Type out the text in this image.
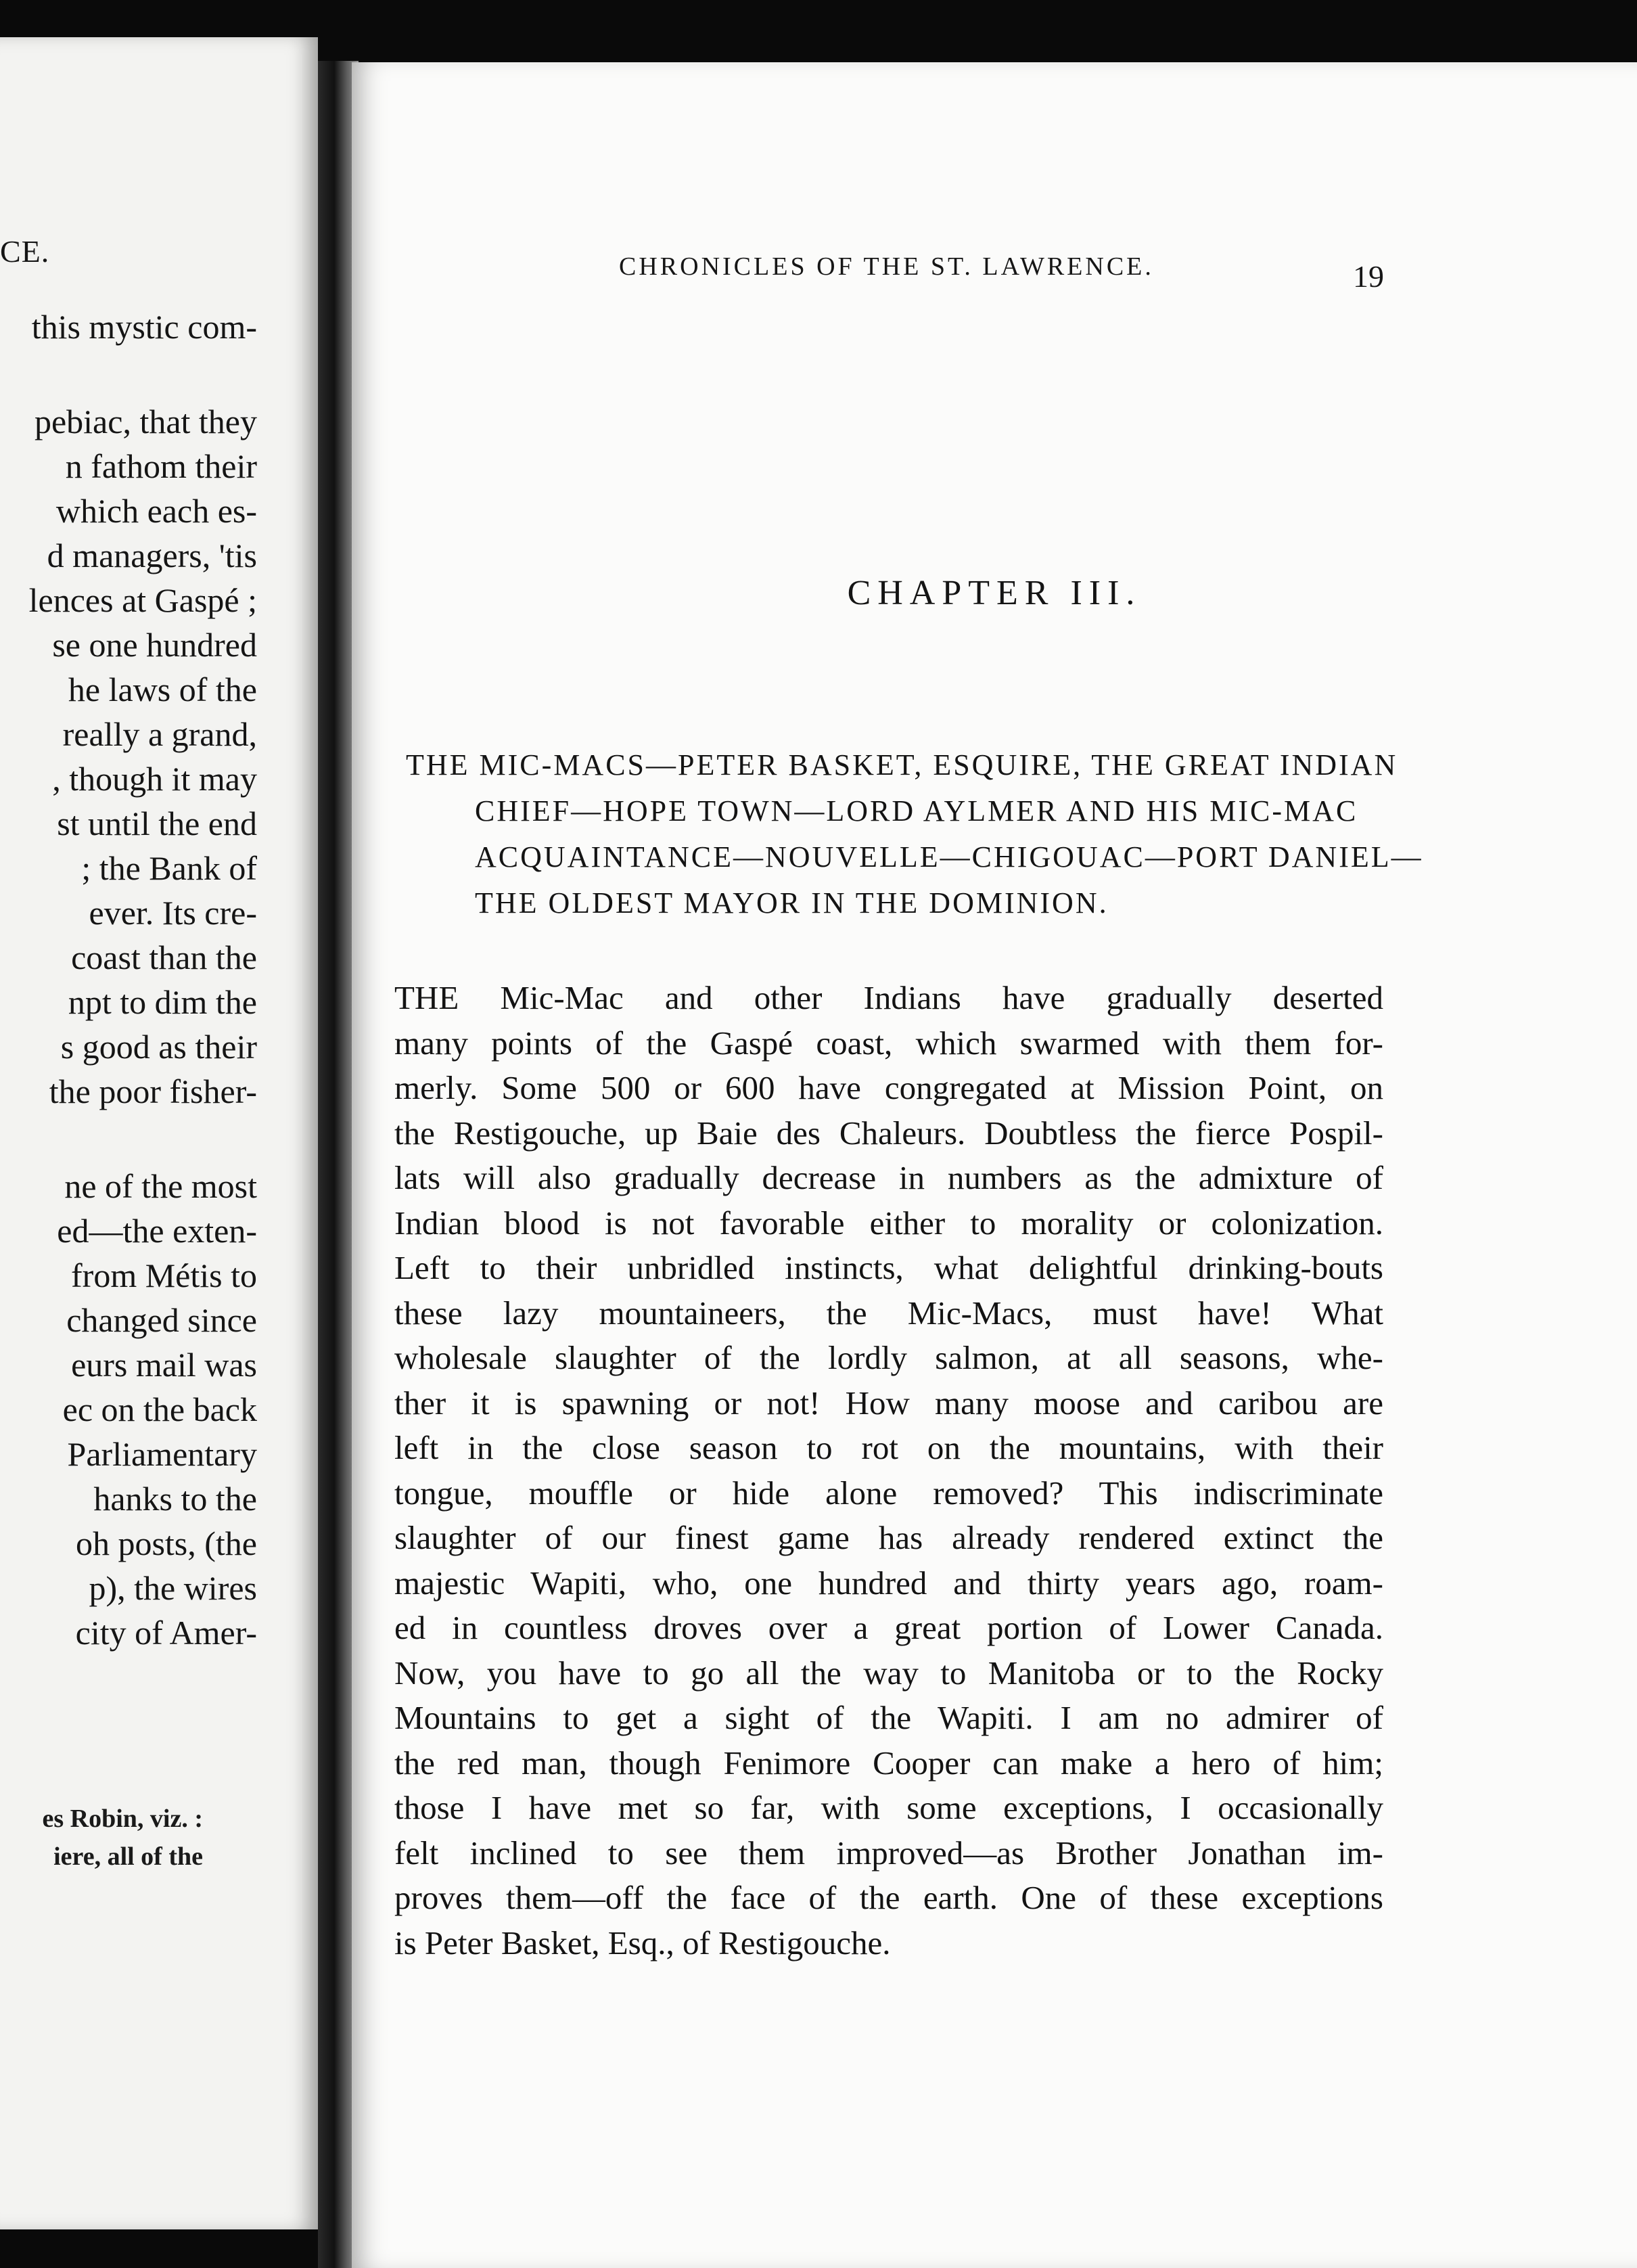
CE.
this mystic com-
pebiac, that they
n fathom their
which each es-
d managers, 'tis
lences at Gaspé ;
se one hundred
he laws of the
really a grand,
, though it may
st until the end
; the Bank of
ever. Its cre-
coast than the
npt to dim the
s good as their
the poor fisher-
ne of the most
ed—the exten-
from Métis to
changed since
eurs mail was
ec on the back
Parliamentary
hanks to the
oh posts, (the
p), the wires
city of Amer-
es Robin, viz. :
iere, all of the
CHRONICLES OF THE ST. LAWRENCE.	19
CHAPTER III.
THE MIC-MACS—PETER BASKET, ESQUIRE, THE GREAT INDIAN
CHIEF—HOPE TOWN—LORD AYLMER AND HIS MIC-MAC
ACQUAINTANCE—NOUVELLE—CHIGOUAC—PORT DANIEL—
THE OLDEST MAYOR IN THE DOMINION.
THE Mic-Mac and other Indians have gradually deserted
many points of the Gaspé coast, which swarmed with them for-
merly. Some 500 or 600 have congregated at Mission Point, on
the Restigouche, up Baie des Chaleurs. Doubtless the fierce Pospil-
lats will also gradually decrease in numbers as the admixture of
Indian blood is not favorable either to morality or colonization.
Left to their unbridled instincts, what delightful drinking-bouts
these lazy mountaineers, the Mic-Macs, must have! What
wholesale slaughter of the lordly salmon, at all seasons, whe-
ther it is spawning or not! How many moose and caribou are
left in the close season to rot on the mountains, with their
tongue, mouffle or hide alone removed? This indiscriminate
slaughter of our finest game has already rendered extinct the
majestic Wapiti, who, one hundred and thirty years ago, roam-
ed in countless droves over a great portion of Lower Canada.
Now, you have to go all the way to Manitoba or to the Rocky
Mountains to get a sight of the Wapiti. I am no admirer of
the red man, though Fenimore Cooper can make a hero of him;
those I have met so far, with some exceptions, I occasionally
felt inclined to see them improved—as Brother Jonathan im-
proves them—off the face of the earth. One of these exceptions
is Peter Basket, Esq., of Restigouche.
